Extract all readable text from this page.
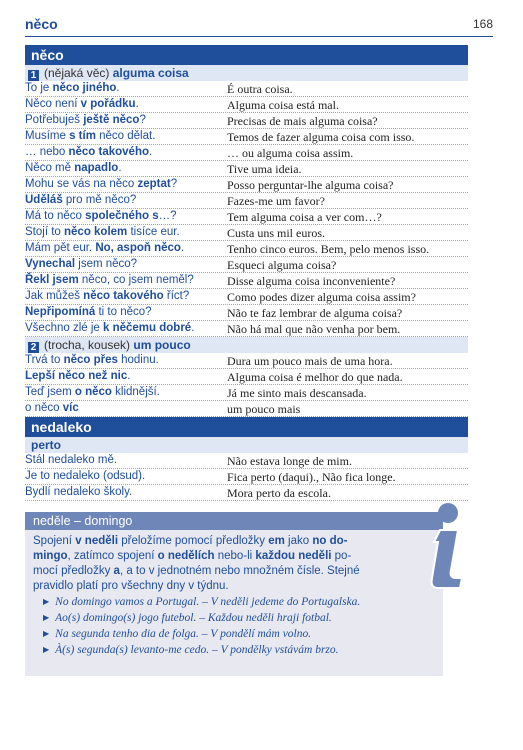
něco	168
něco
1 (nějaká věc) alguma coisa
To je něco jiného.	É outra coisa.
Něco není v pořádku.	Alguma coisa está mal.
Potřebuješ ještě něco?	Precisas de mais alguma coisa?
Musíme s tím něco dělat.	Temos de fazer alguma coisa com isso.
… nebo něco takového.	… ou alguma coisa assim.
Něco mě napadlo.	Tive uma ideia.
Mohu se vás na něco zeptat?	Posso perguntar-lhe alguma coisa?
Uděláš pro mě něco?	Fazes-me um favor?
Má to něco společného s…?	Tem alguma coisa a ver com…?
Stojí to něco kolem tisíce eur.	Custa uns mil euros.
Mám pět eur. No, aspoň něco.	Tenho cinco euros. Bem, pelo menos isso.
Vynechal jsem něco?	Esqueci alguma coisa?
Řekl jsem něco, co jsem neměl?	Disse alguma coisa inconveniente?
Jak můžeš něco takového říct?	Como podes dizer alguma coisa assim?
Nepřipomíná ti to něco?	Não te faz lembrar de alguma coisa?
Všechno zlé je k něčemu dobré.	Não há mal que não venha por bem.
2 (trocha, kousek) um pouco
Trvá to něco přes hodinu.	Dura um pouco mais de uma hora.
Lepší něco než nic.	Alguma coisa é melhor do que nada.
Teď jsem o něco klidnější.	Já me sinto mais descansada.
o něco víc	um pouco mais
nedaleko
perto
Stál nedaleko mě.	Não estava longe de mim.
Je to nedaleko (odsud).	Fica perto (daqui)., Não fica longe.
Bydlí nedaleko školy.	Mora perto da escola.
neděle – domingo
Spojení v neděli přeložíme pomocí předložky em jako no do-
mingo, zatímco spojení o nedělích nebo-li každou neděli po-
mocí předložky a, a to v jednotném nebo množném čísle. Stejné
pravidlo platí pro všechny dny v týdnu.
▶ No domingo vamos a Portugal. – V neděli jedeme do Portugalska.
▶ Ao(s) domingo(s) jogo futebol. – Každou neděli hraji fotbal.
▶ Na segunda tenho dia de folga. – V pondělí mám volno.
▶ À(s) segunda(s) levanto-me cedo. – V pondělky vstávám brzo.
